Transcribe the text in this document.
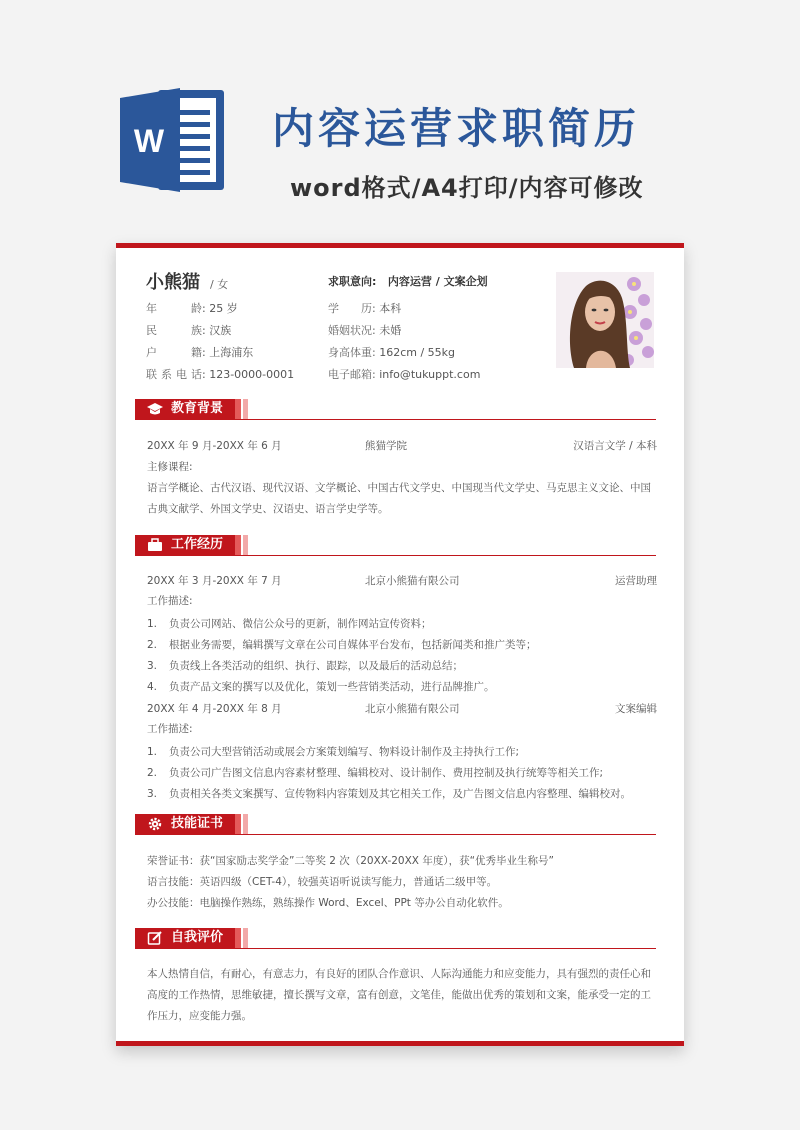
W	内容运营求职简历
word格式/A4打印/内容可修改
小熊猫 / 女	求职意向: 内容运营 / 文案企划
年龄: 25 岁
民族: 汉族
户籍: 上海浦东
联系电话: 123-0000-0001
学　　历: 本科
婚姻状况: 未婚
身高体重: 162cm / 55kg
电子邮箱: info@tukuppt.com
教育背景
20XX 年 9 月-20XX 年 6 月	熊猫学院	汉语言文学 / 本科
主修课程:
语言学概论、古代汉语、现代汉语、文学概论、中国古代文学史、中国现当代文学史、马克思主义文论、中国古典文献学、外国文学史、汉语史、语言学史学等。
工作经历
20XX 年 3 月-20XX 年 7 月	北京小熊猫有限公司	运营助理
工作描述:
1. 负责公司网站、微信公众号的更新，制作网站宣传资料；
2. 根据业务需要，编辑撰写文章在公司自媒体平台发布，包括新闻类和推广类等；
3. 负责线上各类活动的组织、执行、跟踪，以及最后的活动总结；
4. 负责产品文案的撰写以及优化，策划一些营销类活动，进行品牌推广。
20XX 年 4 月-20XX 年 8 月	北京小熊猫有限公司	文案编辑
工作描述:
1. 负责公司大型营销活动或展会方案策划编写、物料设计制作及主持执行工作;
2. 负责公司广告图文信息内容素材整理、编辑校对、设计制作、费用控制及执行统筹等相关工作;
3. 负责相关各类文案撰写、宣传物料内容策划及其它相关工作，及广告图文信息内容整理、编辑校对。
技能证书
荣誉证书：获“国家励志奖学金”二等奖 2 次（20XX-20XX 年度），获“优秀毕业生称号”
语言技能：英语四级（CET-4），较强英语听说读写能力，普通话二级甲等。
办公技能：电脑操作熟练，熟练操作 Word、Excel、PPt 等办公自动化软件。
自我评价
本人热情自信，有耐心，有意志力，有良好的团队合作意识、人际沟通能力和应变能力，具有强烈的责任心和高度的工作热情，思维敏捷，擅长撰写文章，富有创意，文笔佳，能做出优秀的策划和文案，能承受一定的工作压力，应变能力强。
